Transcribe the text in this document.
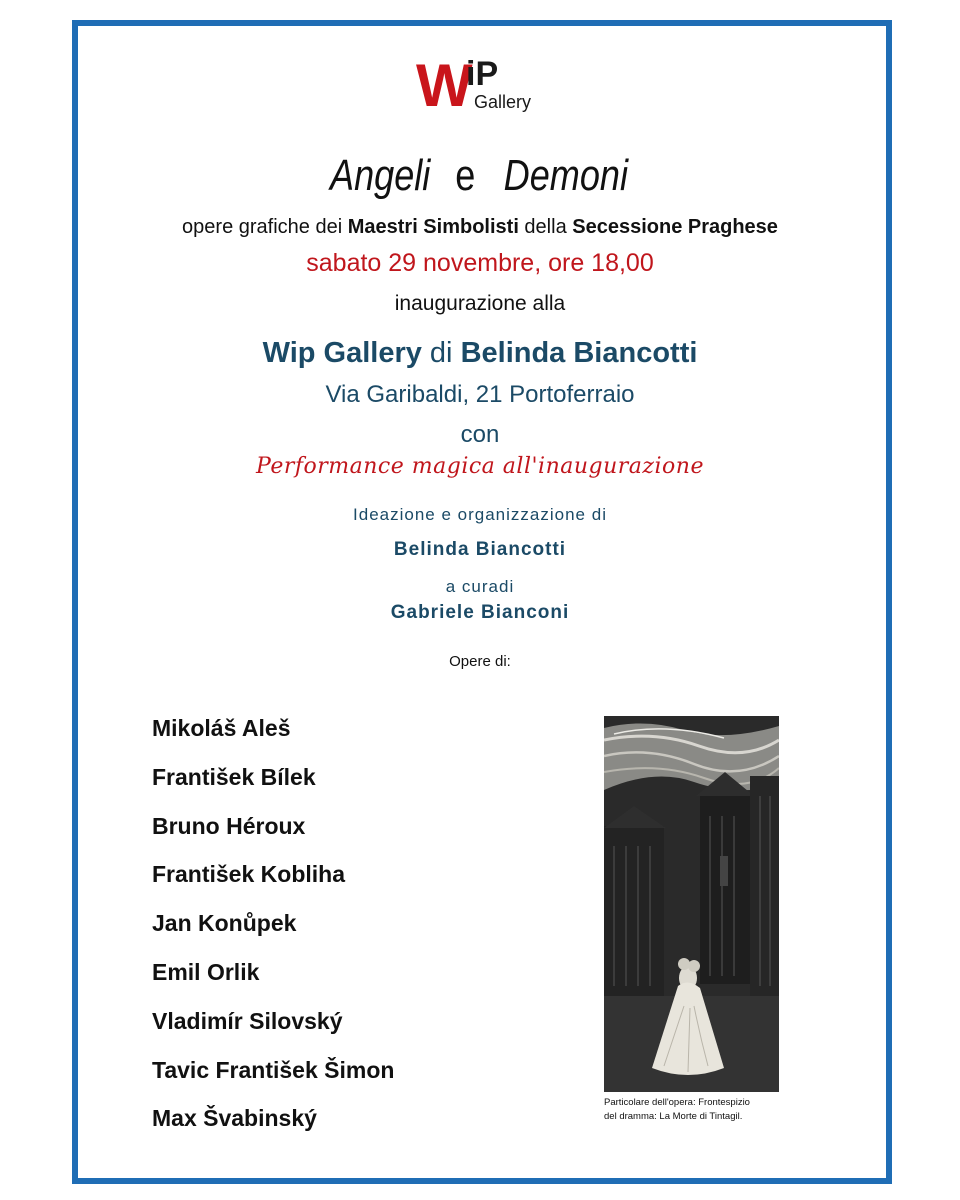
W
iP
Gallery
Angeli e Demoni
opere grafiche dei Maestri Simbolisti della Secessione Praghese
sabato 29 novembre, ore 18,00
inaugurazione alla
Wip Gallery di Belinda Biancotti
Via Garibaldi, 21 Portoferraio
con
Performance magica all'inaugurazione
Ideazione e organizzazione di
Belinda Biancotti
a curadi
Gabriele Bianconi
Opere di:
Mikoláš Aleš
František Bílek
Bruno Héroux
František Kobliha
Jan Konůpek
Emil Orlik
Vladimír Silovský
Tavic František Šimon
Max Švabinský
Particolare dell'opera: Frontespizio
del dramma: La Morte di Tintagil.
